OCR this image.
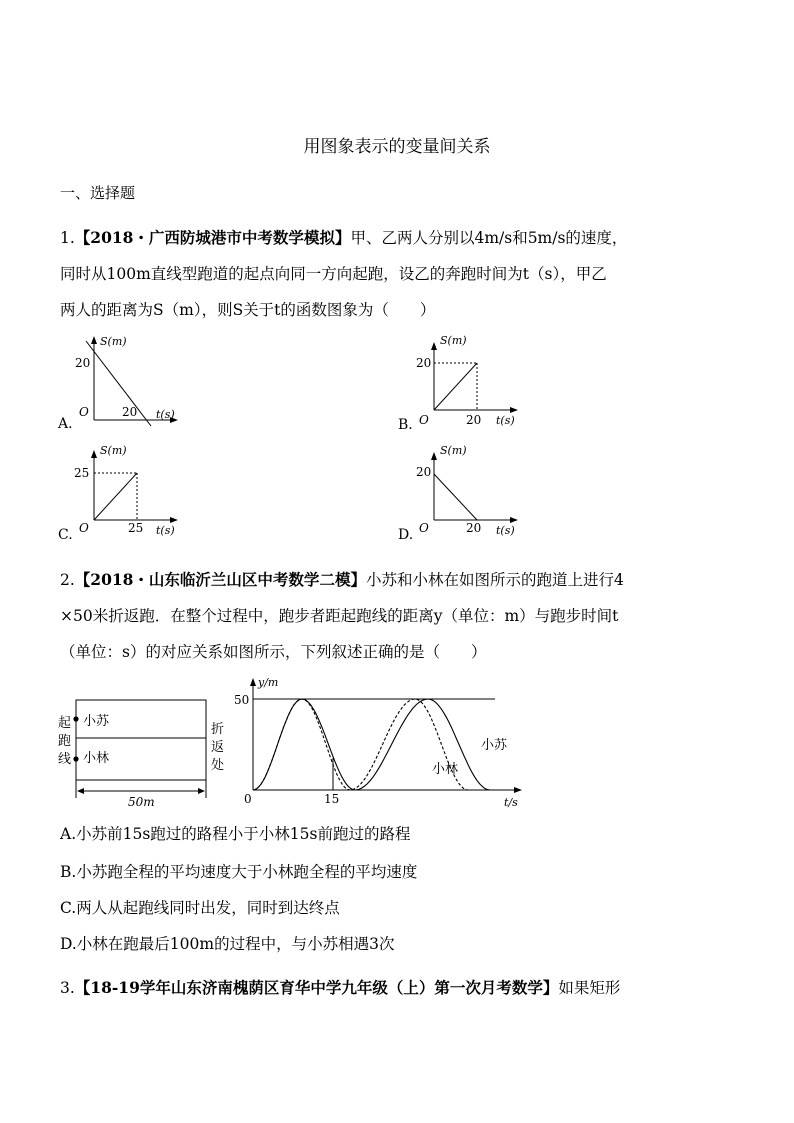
用图象表示的变量间关系
一、选择题
1.【2018・广西防城港市中考数学模拟】甲、乙两人分别以4m/s和5m/s的速度，
同时从100m直线型跑道的起点向同一方向起跑，设乙的奔跑时间为t（s），甲乙
两人的距离为S（m），则S关于t的函数图象为（　　）
S(m)
20
O	20 t(s)
A.
S(m)
20
O	20 t(s)
B.
S(m)
25
O	25 t(s)
C.
S(m)
20
O	20 t(s)
D.
2.【2018・山东临沂兰山区中考数学二模】小苏和小林在如图所示的跑道上进行4
×50米折返跑．在整个过程中，跑步者距起跑线的距离y（单位：m）与跑步时间t
（单位：s）的对应关系如图所示，下列叙述正确的是（　　）
小苏
小林
起
跑
线
折
返
处
50m
y/m
50
0	15	t/s
小苏
小林
A.小苏前15s跑过的路程小于小林15s前跑过的路程
B.小苏跑全程的平均速度大于小林跑全程的平均速度
C.两人从起跑线同时出发，同时到达终点
D.小林在跑最后100m的过程中，与小苏相遇3次
3.【18-19学年山东济南槐荫区育华中学九年级（上）第一次月考数学】如果矩形
